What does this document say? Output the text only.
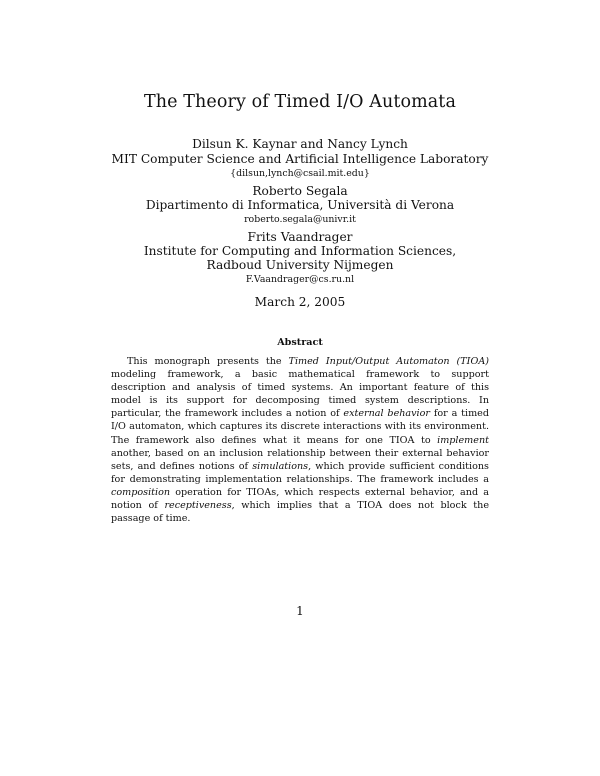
The Theory of Timed I/O Automata
Dilsun K. Kaynar and Nancy Lynch
MIT Computer Science and Artificial Intelligence Laboratory
{dilsun,lynch@csail.mit.edu}
Roberto Segala
Dipartimento di Informatica, Università di Verona
roberto.segala@univr.it
Frits Vaandrager
Institute for Computing and Information Sciences,
Radboud University Nijmegen
F.Vaandrager@cs.ru.nl
March 2, 2005
Abstract

This monograph presents the Timed Input/Output Automaton (TIOA) modeling framework, a basic mathematical framework to support description and analysis of timed systems. An important feature of this model is its support for decomposing timed system descriptions. In particular, the framework includes a notion of external behavior for a timed I/O automaton, which captures its discrete interactions with its environment. The framework also defines what it means for one TIOA to implement another, based on an inclusion relationship between their external behavior sets, and defines notions of simulations, which provide sufficient conditions for demonstrating implementation relationships. The framework includes a composition operation for TIOAs, which respects external behavior, and a notion of receptiveness, which implies that a TIOA does not block the passage of time.

1
